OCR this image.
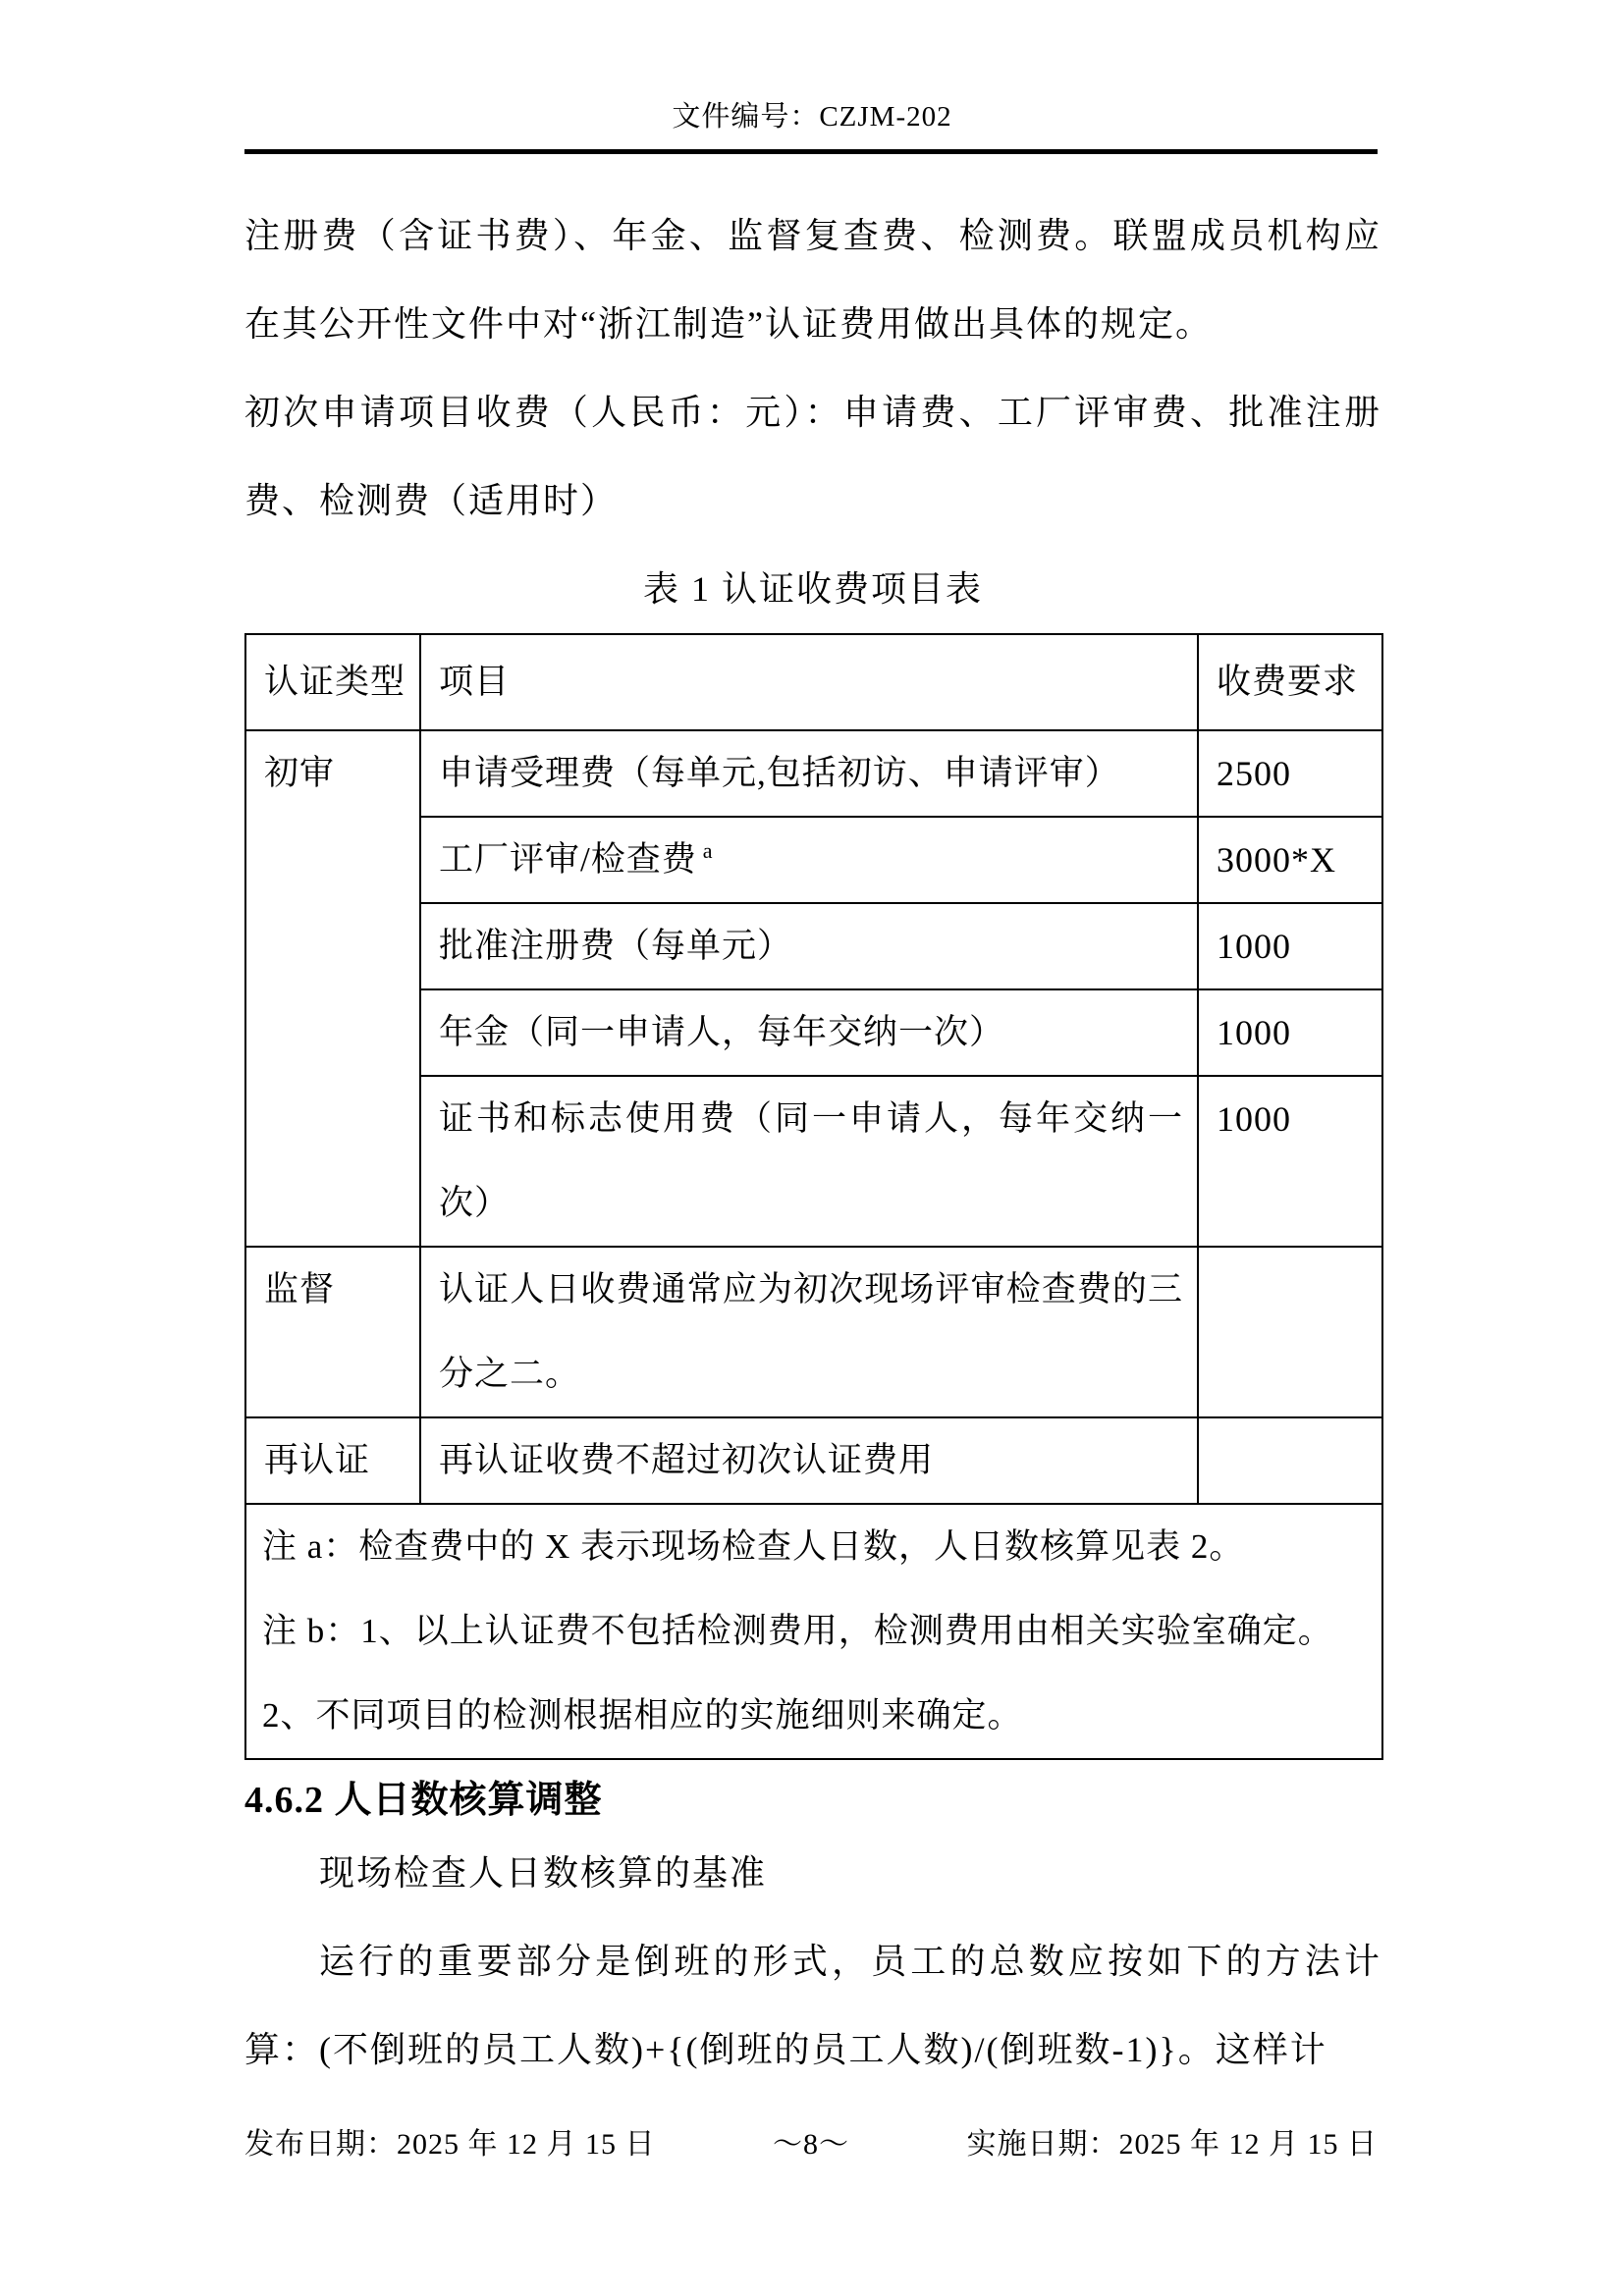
文件编号：CZJM-202

注册费（含证书费）、年金、监督复查费、检测费。联盟成员机构应在其公开性文件中对“浙江制造”认证费用做出具体的规定。

初次申请项目收费（人民币：元）：申请费、工厂评审费、批准注册费、检测费（适用时）

表 1 认证收费项目表
认证类型	项目	收费要求
初审	申请受理费（每单元,包括初访、申请评审）	2500
	工厂评审/检查费 $^a$	3000*X
	批准注册费（每单元）	1000
	年金（同一申请人，每年交纳一次）	1000
	证书和标志使用费（同一申请人，每年交纳一次）	1000
监督	认证人日收费通常应为初次现场评审检查费的三分之二。	
再认证	再认证收费不超过初次认证费用	

注 a：检查费中的 X 表示现场检查人日数，人日数核算见表 2。
注 b：1、以上认证费不包括检测费用，检测费用由相关实验室确定。
2、不同项目的检测根据相应的实施细则来确定。		
4.6.2 人日数核算调整

现场检查人日数核算的基准

运行的重要部分是倒班的形式，员工的总数应按如下的方法计算：(不倒班的员工人数)+{(倒班的员工人数)/(倒班数-1)}。这样计

发布日期：2025 年 12 月 15 日	～8～	实施日期：2025 年 12 月 15 日
